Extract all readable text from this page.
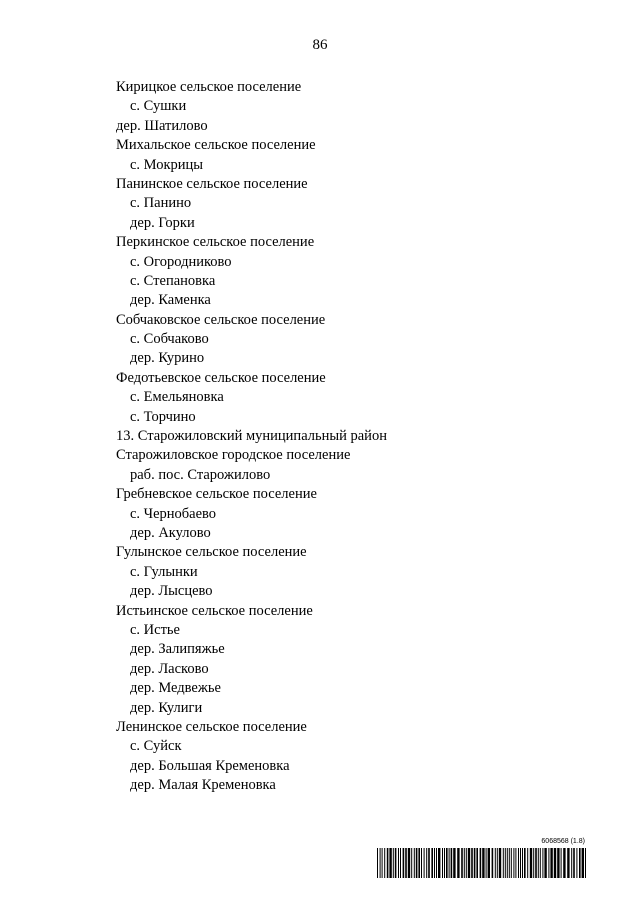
86
Кирицкое сельское поселение
с. Сушки
дер. Шатилово
Михальское сельское поселение
с. Мокрицы
Панинское сельское поселение
с. Панино
дер. Горки
Перкинское сельское поселение
с. Огородниково
с. Степановка
дер. Каменка
Собчаковское сельское поселение
с. Собчаково
дер. Курино
Федотьевское сельское поселение
с. Емельяновка
с. Торчино
13. Старожиловский муниципальный район
Старожиловское городское поселение
раб. пос. Старожилово
Гребневское сельское поселение
с. Чернобаево
дер. Акулово
Гулынское сельское поселение
с. Гулынки
дер. Лысцево
Истьинское сельское поселение
с. Истье
дер. Залипяжье
дер. Ласково
дер. Медвежье
дер. Кулиги
Ленинское сельское поселение
с. Суйск
дер. Большая Кременовка
дер. Малая Кременовка
6068568 (1.8)
